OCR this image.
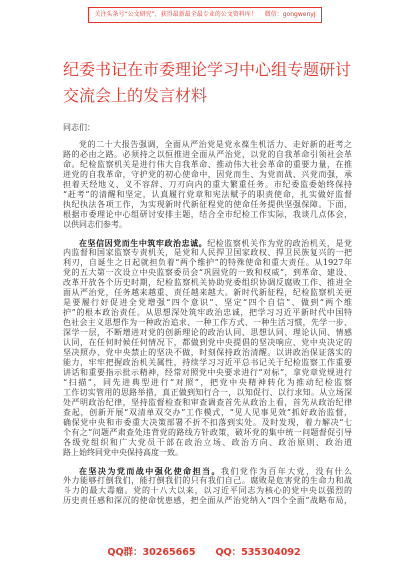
关注头条号“公文研究”，获得最新最全最专业的公文资料库！ 微信：gongwenyj
纪委书记在市委理论学习中心组专题研讨
交流会上的发言材料
同志们：
党的二十大报告强调，全面从严治党是党永葆生机活力、走好新的赶考之
路的必由之路。必须持之以恒推进全面从严治党，以党的自我革命引领社会革
命。纪检监察机关是进行伟大自我革命、推动伟大社会革命的重要力量，在推
进党的自我革命，守护党的初心使命中，因党而生、为党而战、兴党而强，承
担着天经地义、义不容辞、刀刃向内的重大繁重任务。市纪委监委始终保持
“赶考”的清醒和坚定，认真履行党章和宪法赋予的职责使命，扎实做好监督
执纪执法各项工作，为实现新时代新征程党的使命任务提供坚强保障。下面，
根据市委理论中心组研讨安排主题，结合全市纪检工作实际，我谈几点体会，
以供同志们参考。
在坚信因党而生中筑牢政治忠诚。纪检监察机关作为党的政治机关，是党
内监督和国家监察专责机关，是党和人民捍卫国家政权、捍卫民族复兴的一把
利刃，自诞生之日起就担负着“两个维护”的特殊使命和重大责任。从1927年
党的五大第一次设立中央监察委员会“巩固党的一致和权威”，到革命、建设、
改革开放各个历史时期，纪检监察机关协助党委组织协调反腐败工作、推进全
面从严治党，任务越来越重、责任越来越大。新时代新征程，纪检监察机关更
是要履行好促进全党增强“四个意识”、坚定“四个自信”、做到“两个维
护”的根本政治责任。从思想深处筑牢政治忠诚，把学习习近平新时代中国特
色社会主义思想作为一种政治追求、一种工作方式、一种生活习惯，先学一步、
深学一层，不断增进对党的创新理论的政治认同、思想认同、理论认同、情感
认同，在任何时候任何情况下，都做到党中央提倡的坚决响应、党中央决定的
坚决照办、党中央禁止的坚决不做，时刻保持政治清醒。以讲政治保证落实的
能力，牢牢把握政治机关属性，持续学习习近平总书记关于纪检监察工作重要
讲话和重要指示批示精神，经常对照党中央要求进行“对标”，拿党章党规进行
“扫描”，同先进典型进行“对照”，把党中央精神转化为推动纪检监察
工作切实管用的思路举措，真正做到知行合一，以知促行、以行求知。从立场深
处严明政治纪律，坚持监督检查和审查调查首先从政治上看，首先从政治纪律
查起，创新开展“双清单双交办”工作模式，“见人见事见效”抓好政治监督，
确保党中央和市委重大决策部署不折不扣落到实处。及时发现，着力解决“七
个有之”问题严肃查处违背党的路线方针政策，破坏党的集中统一问题督促引导
各级党组织和广大党员干部在政治立场、政治方向、政治原则、政治道
路上始终同党中央保持高度一致。
在坚决为党而战中强化使命担当。我们党作为百年大党，没有什么
外力能够打倒我们，能打倒我们的只有我们自己。腐败是危害党的生命力和战
斗力的最大毒瘤。党的十八大以来，以习近平同志为核心的党中央以强烈的
历史责任感和深沉的使命忧患感，把全面从严治党纳入“四个全面”战略布局，
QQ群：30265665 QQ：535304092
